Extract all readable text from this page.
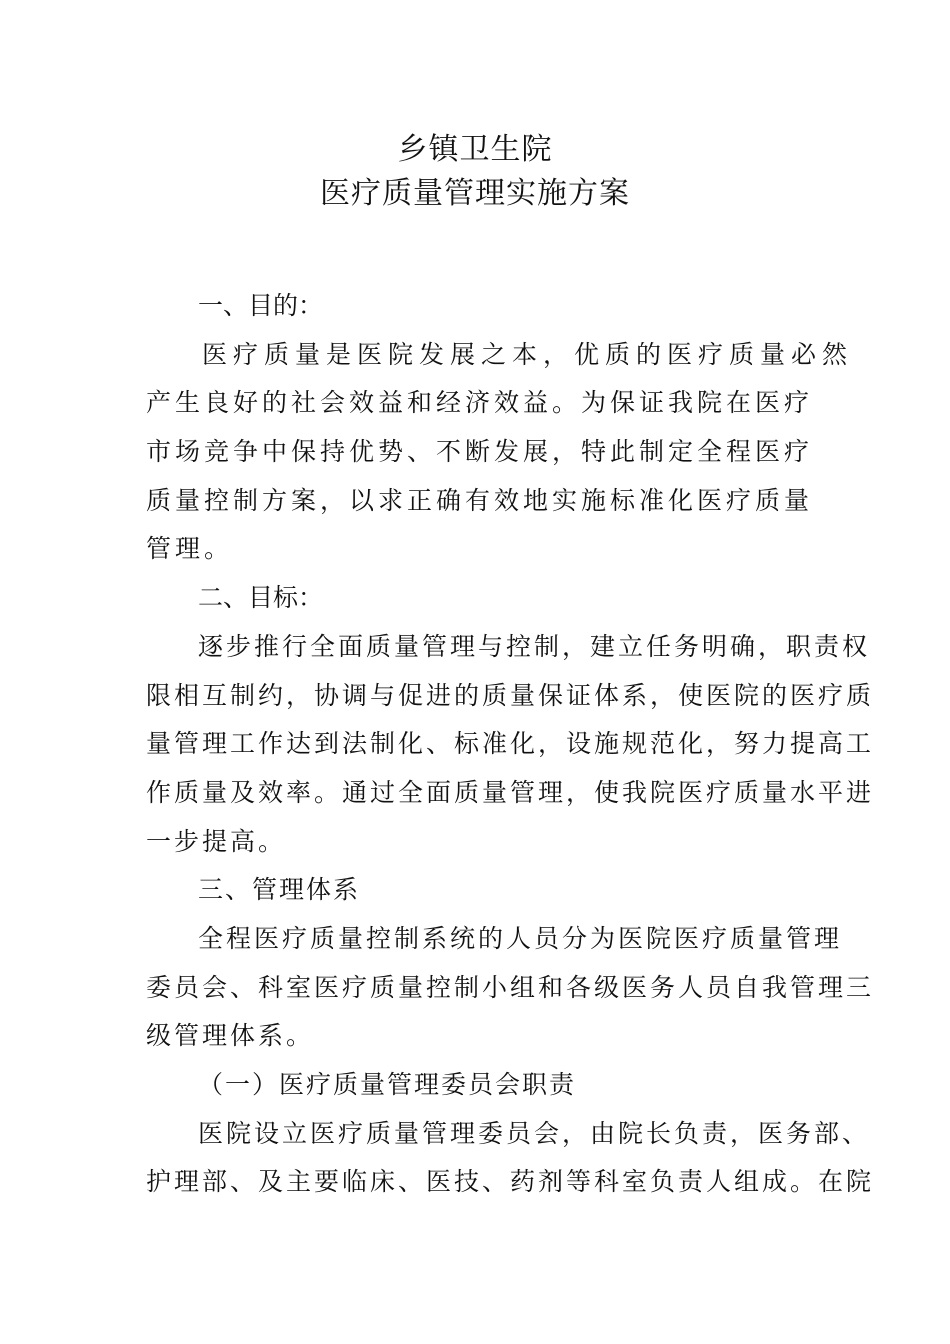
乡镇卫生院
医疗质量管理实施方案
一、目的：
医疗质量是医院发展之本，优质的医疗质量必然
产生良好的社会效益和经济效益。为保证我院在医疗
市场竞争中保持优势、不断发展，特此制定全程医疗
质量控制方案，以求正确有效地实施标准化医疗质量
管理。
二、目标：
逐步推行全面质量管理与控制，建立任务明确，职责权
限相互制约，协调与促进的质量保证体系，使医院的医疗质
量管理工作达到法制化、标准化，设施规范化，努力提高工
作质量及效率。通过全面质量管理，使我院医疗质量水平进
一步提高。
三、管理体系
全程医疗质量控制系统的人员分为医院医疗质量管理
委员会、科室医疗质量控制小组和各级医务人员自我管理三
级管理体系。
（一）医疗质量管理委员会职责
医院设立医疗质量管理委员会，由院长负责，医务部、
护理部、及主要临床、医技、药剂等科室负责人组成。在院
